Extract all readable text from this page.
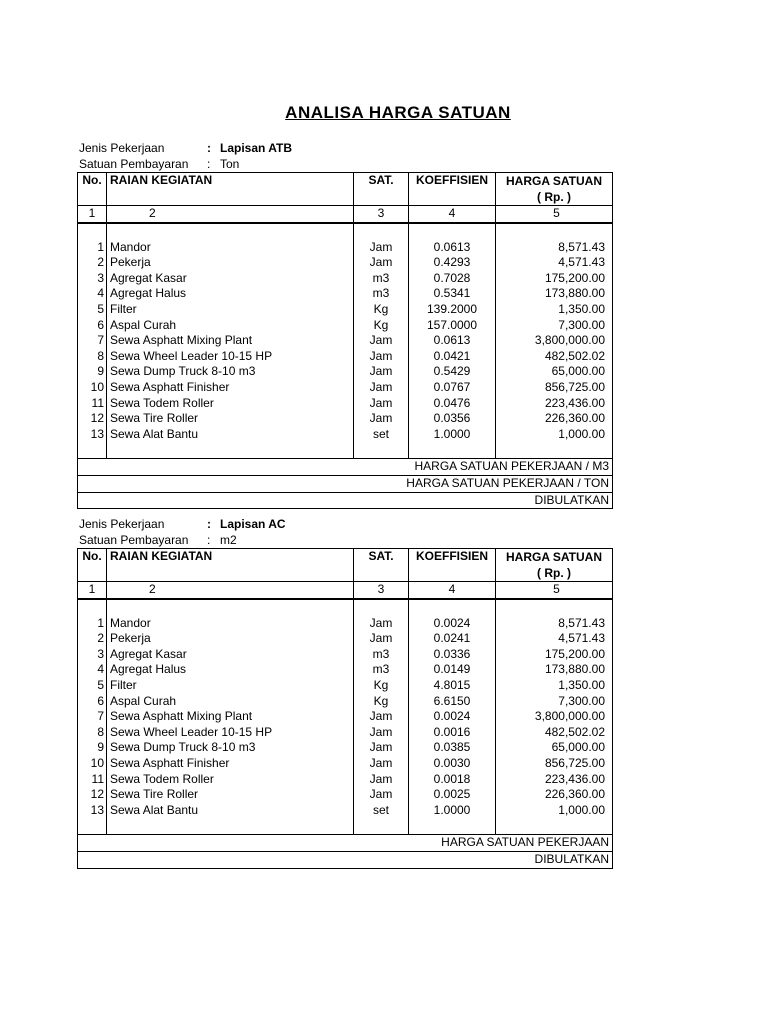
ANALISA HARGA SATUAN
Jenis Pekerjaan	: Lapisan ATB
Satuan Pembayaran : Ton
No.	RAIAN KEGIATAN	SAT.	KOEFFISIEN	HARGA SATUAN
( Rp. )

1	2	3	4	5

1	Mandor	Jam	0.0613	8,571.43
2	Pekerja	Jam	0.4293	4,571.43
3	Agregat Kasar	m3	0.7028	175,200.00
4	Agregat Halus	m3	0.5341	173,880.00
5	Filter	Kg	139.2000	1,350.00
6	Aspal Curah	Kg	157.0000	7,300.00
7	Sewa Asphatt Mixing Plant	Jam	0.0613	3,800,000.00
8	Sewa Wheel Leader 10-15 HP	Jam	0.0421	482,502.02
9	Sewa Dump Truck 8-10 m3	Jam	0.5429	65,000.00
10	Sewa Asphatt Finisher	Jam	0.0767	856,725.00
11	Sewa Todem Roller	Jam	0.0476	223,436.00
12	Sewa Tire Roller	Jam	0.0356	226,360.00
13	Sewa Alat Bantu	set	1.0000	1,000.00

HARGA SATUAN PEKERJAAN / M3				
HARGA SATUAN PEKERJAAN / TON				
DIBULATKAN				
Jenis Pekerjaan	: Lapisan AC
Satuan Pembayaran : m2
No.	RAIAN KEGIATAN	SAT.	KOEFFISIEN	HARGA SATUAN
( Rp. )

1	2	3	4	5

1	Mandor	Jam	0.0024	8,571.43
2	Pekerja	Jam	0.0241	4,571.43
3	Agregat Kasar	m3	0.0336	175,200.00
4	Agregat Halus	m3	0.0149	173,880.00
5	Filter	Kg	4.8015	1,350.00
6	Aspal Curah	Kg	6.6150	7,300.00
7	Sewa Asphatt Mixing Plant	Jam	0.0024	3,800,000.00
8	Sewa Wheel Leader 10-15 HP	Jam	0.0016	482,502.02
9	Sewa Dump Truck 8-10 m3	Jam	0.0385	65,000.00
10	Sewa Asphatt Finisher	Jam	0.0030	856,725.00
11	Sewa Todem Roller	Jam	0.0018	223,436.00
12	Sewa Tire Roller	Jam	0.0025	226,360.00
13	Sewa Alat Bantu	set	1.0000	1,000.00

HARGA SATUAN PEKERJAAN				
DIBULATKAN				
